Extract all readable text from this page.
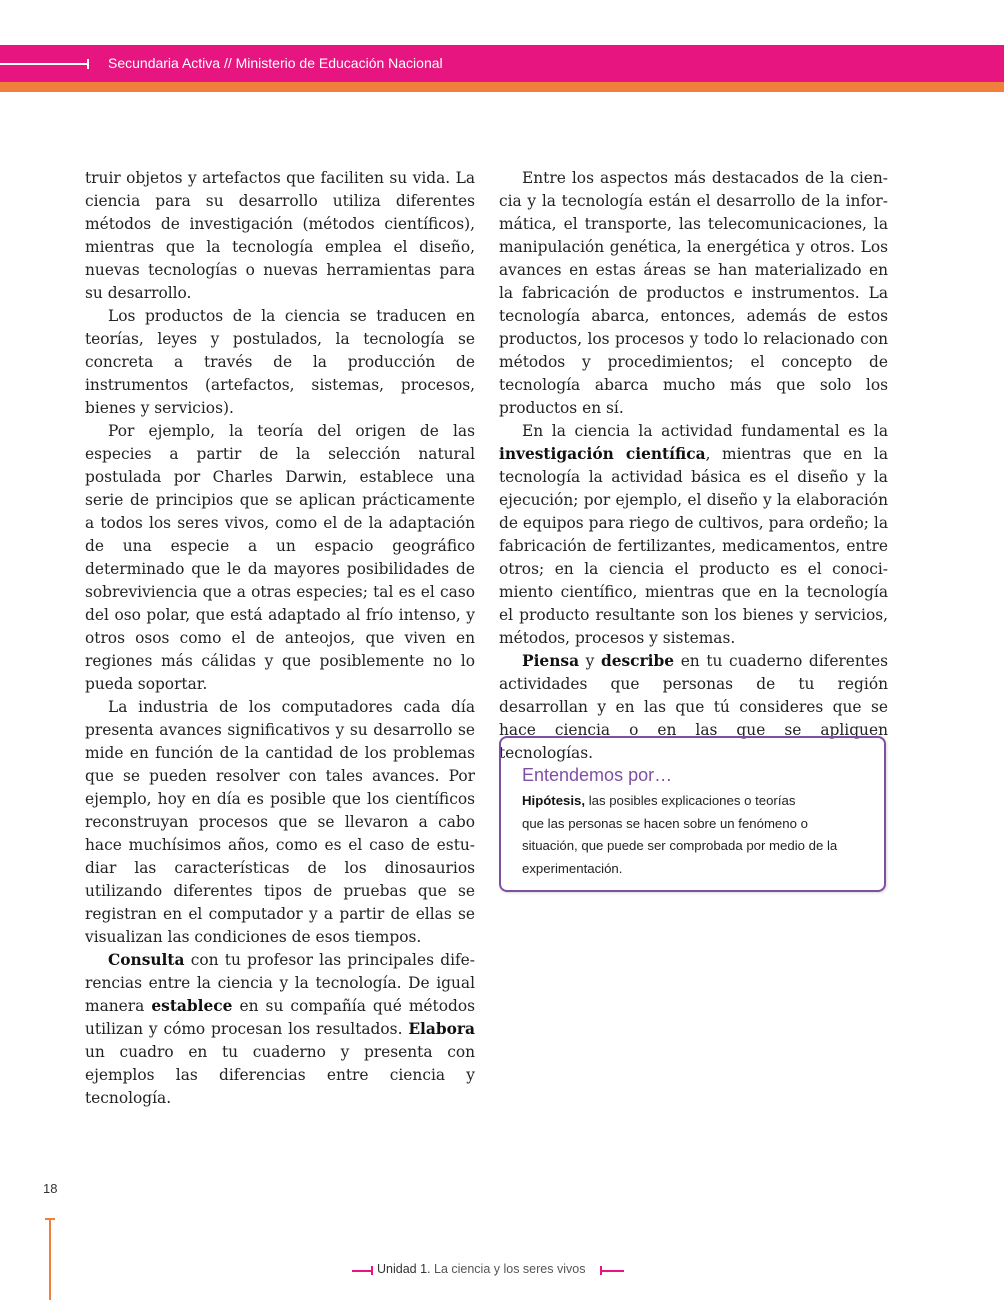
Secundaria Activa // Ministerio de Educación Nacional

truir objetos y artefactos que faciliten su vida. La ciencia para su desarrollo utiliza diferentes métodos de investigación (métodos científicos), mientras que la tecnología emplea el diseño, nuevas tecnologías o nuevas herramientas para su desarrollo.

Los productos de la ciencia se traducen en teorías, leyes y postulados, la tecnología se concreta a través de la producción de instrumentos (artefactos, sistemas, procesos, bienes y servicios).

Por ejemplo, la teoría del origen de las especies a partir de la selección natural postulada por Charles Darwin, establece una serie de principios que se aplican prácticamente a todos los seres vivos, como el de la adaptación de una especie a un espacio geográfico determinado que le da mayores posibilidades de sobreviviencia que a otras especies; tal es el caso del oso polar, que está adaptado al frío intenso, y otros osos como el de anteojos, que viven en regiones más cálidas y que posiblemente no lo pueda soportar.

La industria de los computadores cada día presenta avances significativos y su desarrollo se mide en función de la cantidad de los problemas que se pueden resolver con tales avances. Por ejemplo, hoy en día es posible que los científicos reconstruyan procesos que se llevaron a cabo hace muchísimos años, como es el caso de estudiar las características de los dinosaurios utilizando diferentes tipos de pruebas que se registran en el computador y a partir de ellas se visualizan las condiciones de esos tiempos.

Consulta con tu profesor las principales diferencias entre la ciencia y la tecnología. De igual manera establece en su compañía qué métodos utilizan y cómo procesan los resultados. Elabora un cuadro en tu cuaderno y presenta con ejemplos las diferencias entre ciencia y tecnología.

Entre los aspectos más destacados de la ciencia y la tecnología están el desarrollo de la informática, el transporte, las telecomunicaciones, la manipulación genética, la energética y otros. Los avances en estas áreas se han materializado en la fabricación de productos e instrumentos. La tecnología abarca, entonces, además de estos productos, los procesos y todo lo relacionado con métodos y procedimientos; el concepto de tecnología abarca mucho más que solo los productos en sí.

En la ciencia la actividad fundamental es la investigación científica, mientras que en la tecnología la actividad básica es el diseño y la ejecución; por ejemplo, el diseño y la elaboración de equipos para riego de cultivos, para ordeño; la fabricación de fertilizantes, medicamentos, entre otros; en la ciencia el producto es el conocimiento científico, mientras que en la tecnología el producto resultante son los bienes y servicios, métodos, procesos y sistemas.

Piensa y describe en tu cuaderno diferentes actividades que personas de tu región desarrollan y en las que tú consideres que se hace ciencia o en las que se apliquen tecnologías.

Entendemos por…
Hipótesis, las posibles explicaciones o teorías
que las personas se hacen sobre un fenómeno o
situación, que puede ser comprobada por medio de la
experimentación.
18
Unidad 1. La ciencia y los seres vivos
